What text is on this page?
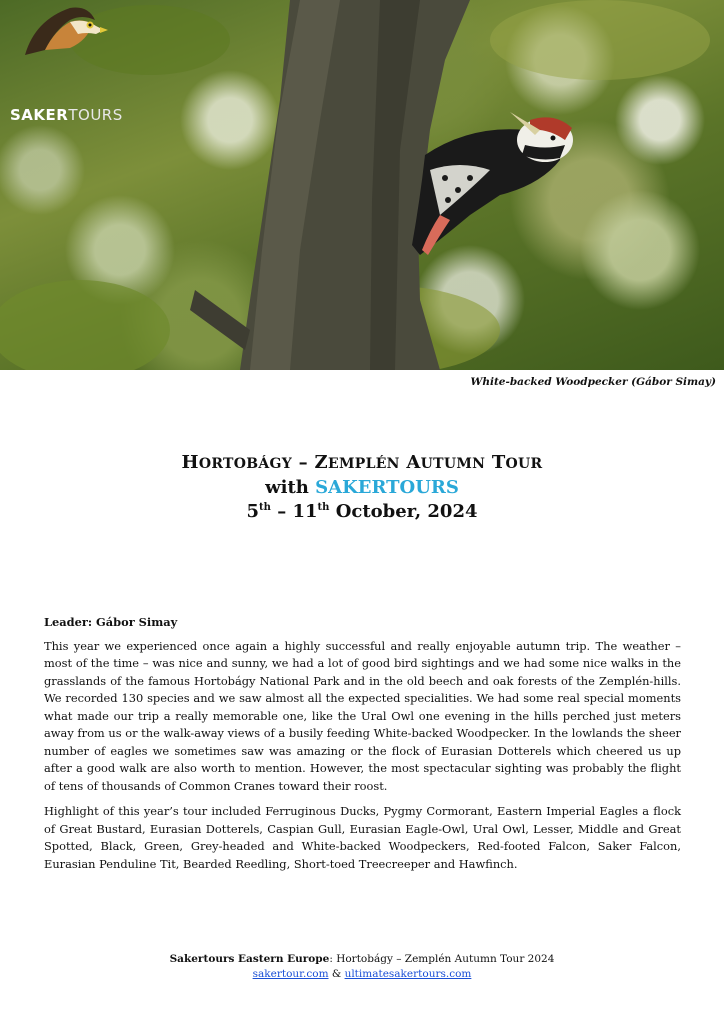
SAKERTOURS
White-backed Woodpecker (Gábor Simay)
HORTOBÁGY – ZEMPLÉN AUTUMN TOUR
with SAKERTOURS
5th – 11th October, 2024
Leader: Gábor Simay

This year we experienced once again a highly successful and really enjoyable autumn trip. The weather – most of the time – was nice and sunny, we had a lot of good bird sightings and we had some nice walks in the grasslands of the famous Hortobágy National Park and in the old beech and oak forests of the Zemplén-hills. We recorded 130 species and we saw almost all the expected specialities. We had some real special moments what made our trip a really memorable one, like the Ural Owl one evening in the hills perched just meters away from us or the walk-away views of a busily feeding White-backed Woodpecker. In the lowlands the sheer number of eagles we sometimes saw was amazing or the flock of Eurasian Dotterels which cheered us up after a good walk are also worth to mention. However, the most spectacular sighting was probably the flight of tens of thousands of Common Cranes toward their roost.

Highlight of this year’s tour included Ferruginous Ducks, Pygmy Cormorant, Eastern Imperial Eagles a flock of Great Bustard, Eurasian Dotterels, Caspian Gull, Eurasian Eagle-Owl, Ural Owl, Lesser, Middle and Great Spotted, Black, Green, Grey-headed and White-backed Woodpeckers, Red-footed Falcon, Saker Falcon, Eurasian Penduline Tit, Bearded Reedling, Short-toed Treecreeper and Hawfinch.

Sakertours Eastern Europe: Hortobágy – Zemplén Autumn Tour 2024
sakertour.com & ultimatesakertours.com
